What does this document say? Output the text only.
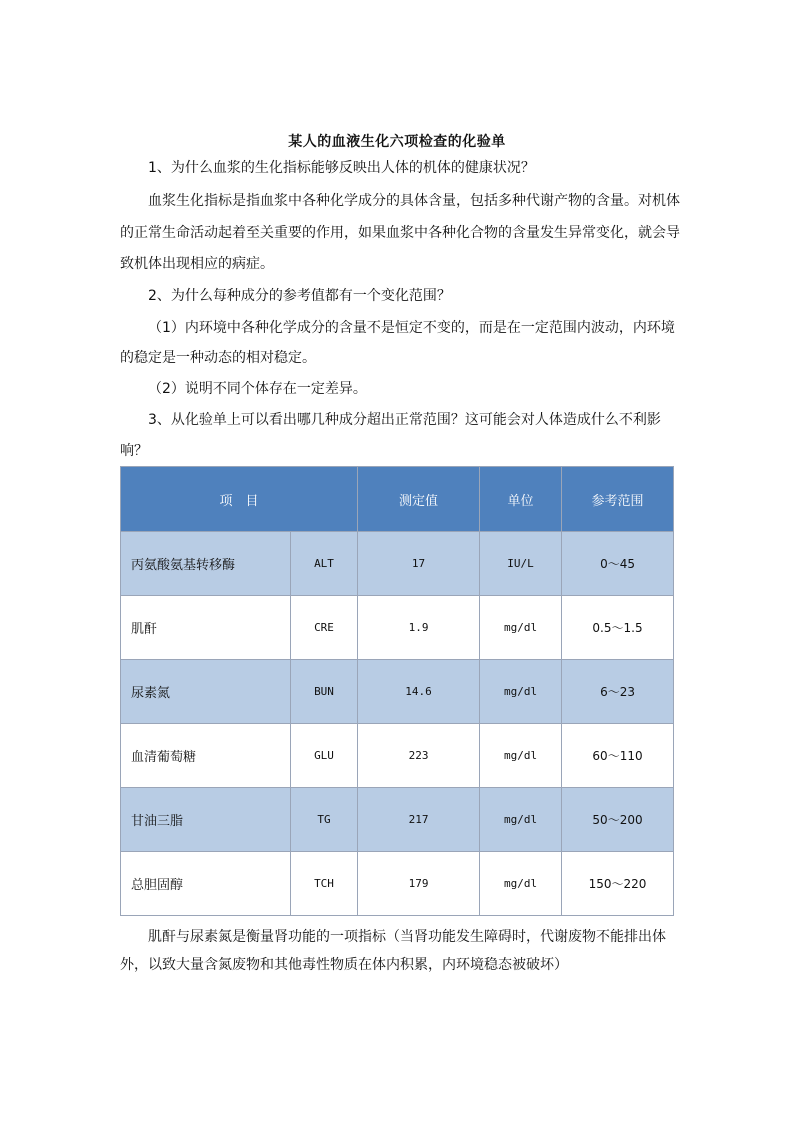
某人的血液生化六项检查的化验单
1、为什么血浆的生化指标能够反映出人体的机体的健康状况？
血浆生化指标是指血浆中各种化学成分的具体含量，包括多种代谢产物的含量。对机体
的正常生命活动起着至关重要的作用，如果血浆中各种化合物的含量发生异常变化，就会导
致机体出现相应的病症。
2、为什么每种成分的参考值都有一个变化范围？
（1）内环境中各种化学成分的含量不是恒定不变的，而是在一定范围内波动，内环境
的稳定是一种动态的相对稳定。
（2）说明不同个体存在一定差异。
3、从化验单上可以看出哪几种成分超出正常范围？这可能会对人体造成什么不利影
响？
项　目		测定值	单位	参考范围
丙氨酸氨基转移酶	ALT	17	IU/L	0～45
肌酐	CRE	1.9	mg/dl	0.5～1.5
尿素氮	BUN	14.6	mg/dl	6～23
血清葡萄糖	GLU	223	mg/dl	60～110
甘油三脂	TG	217	mg/dl	50～200
总胆固醇	TCH	179	mg/dl	150～220
肌酐与尿素氮是衡量肾功能的一项指标（当肾功能发生障碍时，代谢废物不能排出体
外，以致大量含氮废物和其他毒性物质在体内积累，内环境稳态被破坏）
